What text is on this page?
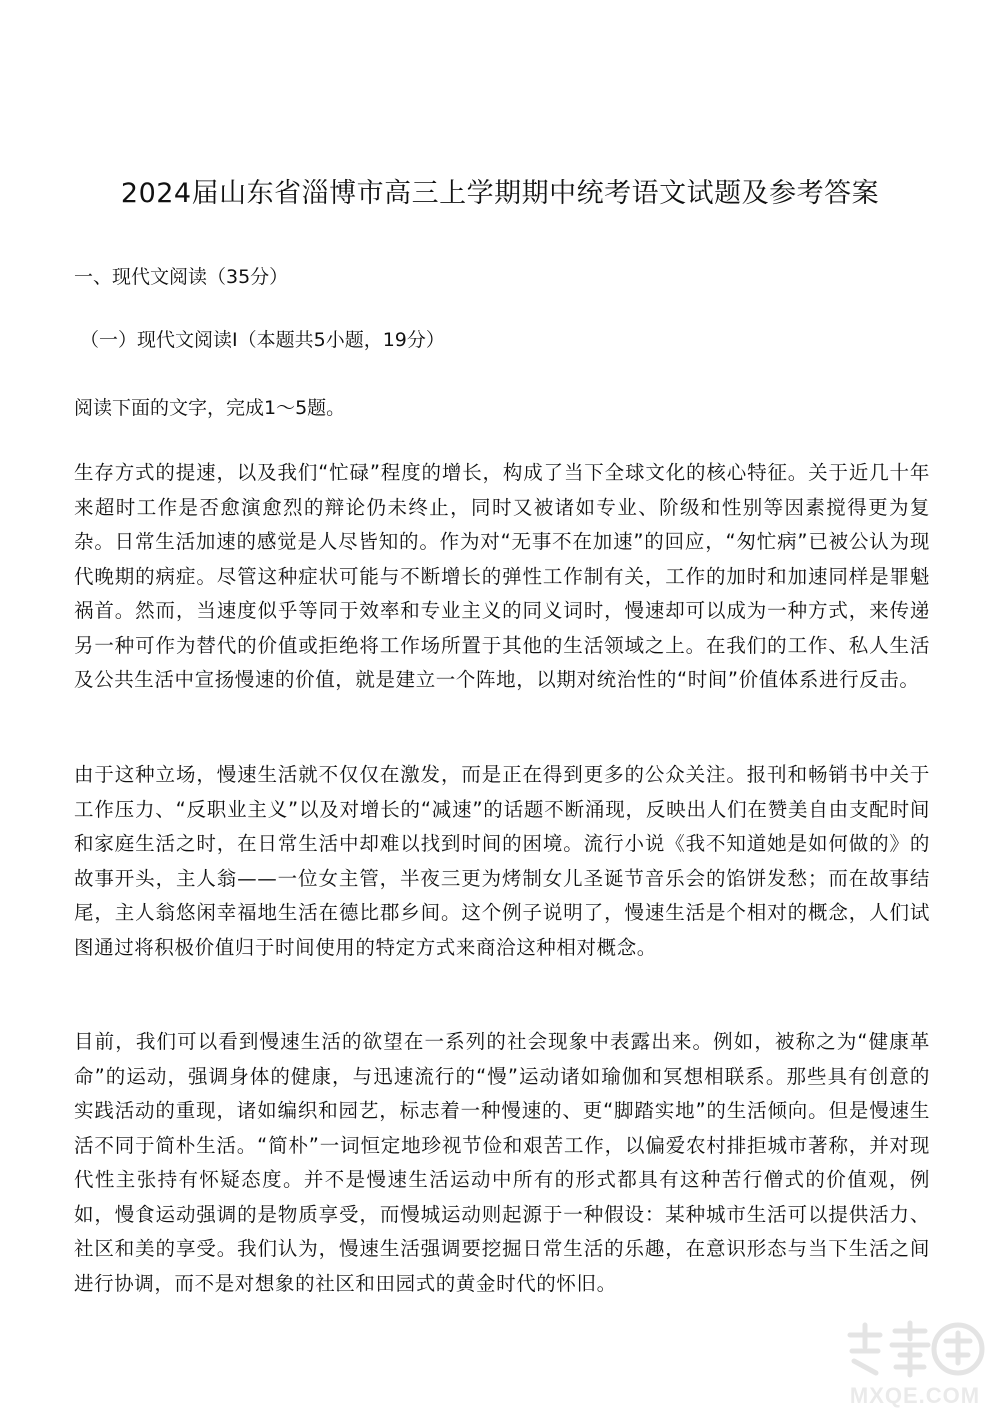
2024届山东省淄博市高三上学期期中统考语文试题及参考答案
一、现代文阅读（35分）
（一）现代文阅读Ⅰ（本题共5小题，19分）

阅读下面的文字，完成1～5题。

生存方式的提速，以及我们“忙碌”程度的增长，构成了当下全球文化的核心特征。关于近几十年来超时工作是否愈演愈烈的辩论仍未终止，同时又被诸如专业、阶级和性别等因素搅得更为复杂。日常生活加速的感觉是人尽皆知的。作为对“无事不在加速”的回应，“匆忙病”已被公认为现代晚期的病症。尽管这种症状可能与不断增长的弹性工作制有关，工作的加时和加速同样是罪魁祸首。然而，当速度似乎等同于效率和专业主义的同义词时，慢速却可以成为一种方式，来传递另一种可作为替代的价值或拒绝将工作场所置于其他的生活领域之上。在我们的工作、私人生活及公共生活中宣扬慢速的价值，就是建立一个阵地，以期对统治性的“时间”价值体系进行反击。

由于这种立场，慢速生活就不仅仅在激发，而是正在得到更多的公众关注。报刊和畅销书中关于工作压力、“反职业主义”以及对增长的“减速”的话题不断涌现，反映出人们在赞美自由支配时间和家庭生活之时，在日常生活中却难以找到时间的困境。流行小说《我不知道她是如何做的》的故事开头，主人翁——一位女主管，半夜三更为烤制女儿圣诞节音乐会的馅饼发愁；而在故事结尾，主人翁悠闲幸福地生活在德比郡乡间。这个例子说明了，慢速生活是个相对的概念，人们试图通过将积极价值归于时间使用的特定方式来商洽这种相对概念。

目前，我们可以看到慢速生活的欲望在一系列的社会现象中表露出来。例如，被称之为“健康革命”的运动，强调身体的健康，与迅速流行的“慢”运动诸如瑜伽和冥想相联系。那些具有创意的实践活动的重现，诸如编织和园艺，标志着一种慢速的、更“脚踏实地”的生活倾向。但是慢速生活不同于简朴生活。“简朴”一词恒定地珍视节俭和艰苦工作，以偏爱农村排拒城市著称，并对现代性主张持有怀疑态度。并不是慢速生活运动中所有的形式都具有这种苦行僧式的价值观，例如，慢食运动强调的是物质享受，而慢城运动则起源于一种假设：某种城市生活可以提供活力、社区和美的享受。我们认为，慢速生活强调要挖掘日常生活的乐趣，在意识形态与当下生活之间进行协调，而不是对想象的社区和田园式的黄金时代的怀旧。

MXQE.COM
